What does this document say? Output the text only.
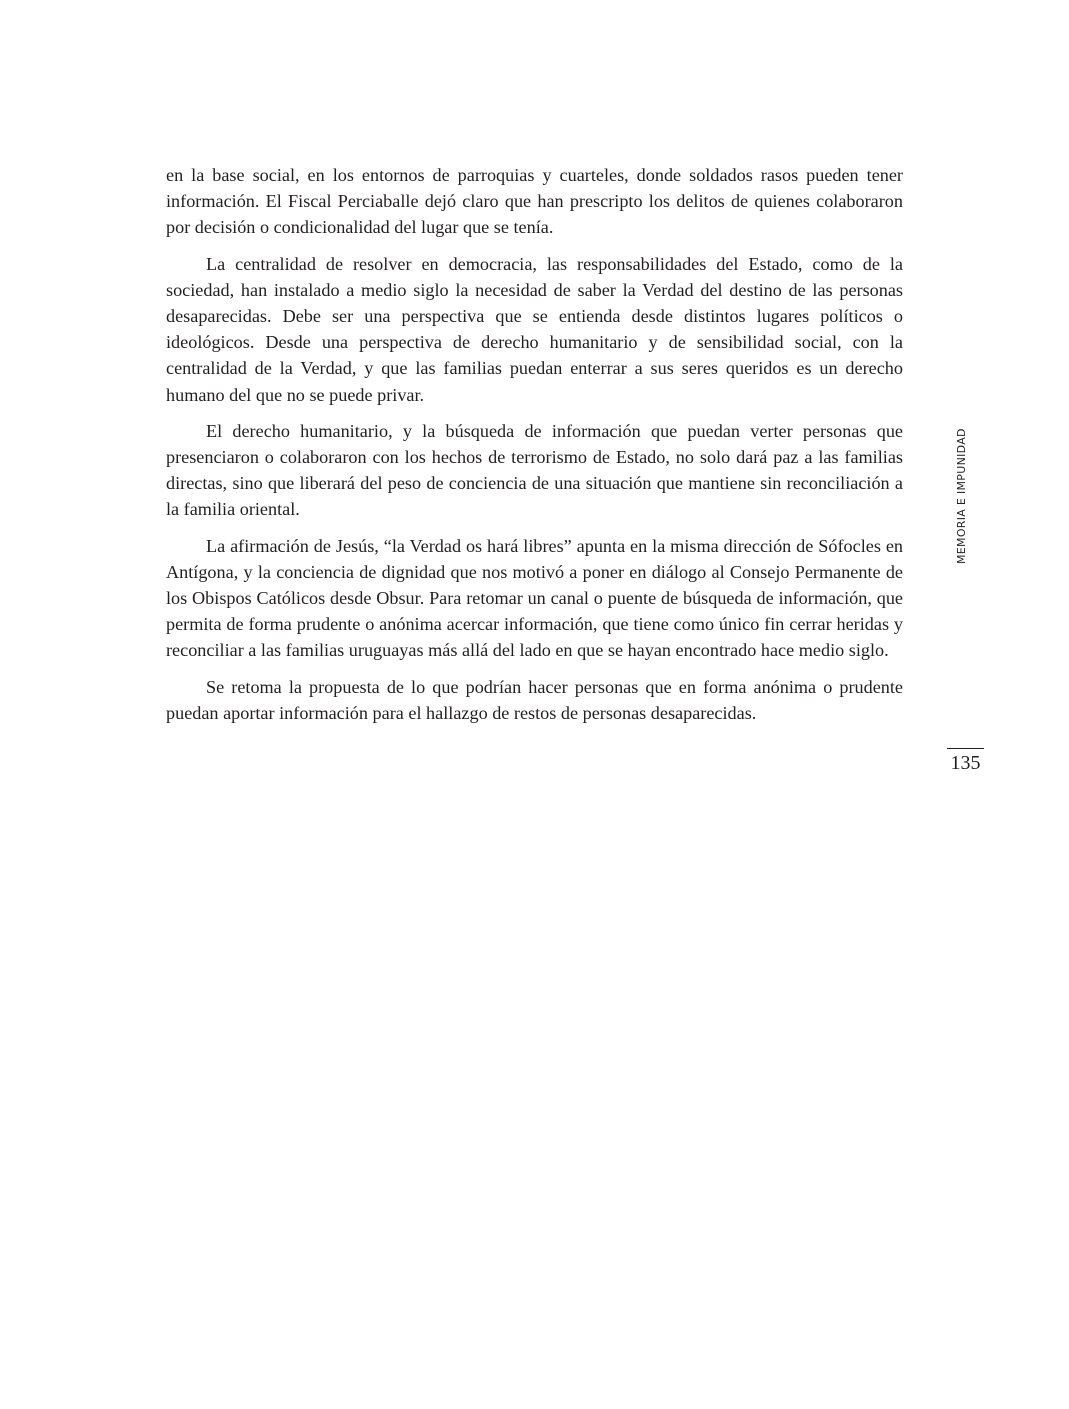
en la base social, en los entornos de parroquias y cuarteles, donde soldados rasos pueden tener información. El Fiscal Perciaballe dejó claro que han prescripto los delitos de quienes colaboraron por decisión o condicionalidad del lugar que se tenía.

La centralidad de resolver en democracia, las responsabilidades del Estado, como de la sociedad, han instalado a medio siglo la necesidad de saber la Verdad del destino de las personas desaparecidas. Debe ser una perspectiva que se entienda desde distintos lugares políticos o ideológicos. Desde una perspectiva de derecho humanitario y de sensibilidad social, con la centralidad de la Verdad, y que las familias puedan enterrar a sus seres queridos es un derecho humano del que no se puede privar.

El derecho humanitario, y la búsqueda de información que puedan verter personas que presenciaron o colaboraron con los hechos de terrorismo de Estado, no solo dará paz a las familias directas, sino que liberará del peso de conciencia de una situación que mantiene sin reconciliación a la familia oriental.

La afirmación de Jesús, “la Verdad os hará libres” apunta en la misma dirección de Sófocles en Antígona, y la conciencia de dignidad que nos motivó a poner en diálogo al Consejo Permanente de los Obispos Católicos desde Obsur. Para retomar un canal o puente de búsqueda de información, que permita de forma prudente o anónima acercar información, que tiene como único fin cerrar heridas y reconciliar a las familias uruguayas más allá del lado en que se hayan encontrado hace medio siglo.

Se retoma la propuesta de lo que podrían hacer personas que en forma anónima o prudente puedan aportar información para el hallazgo de restos de personas desaparecidas.

MEMORIA E IMPUNIDAD
135
